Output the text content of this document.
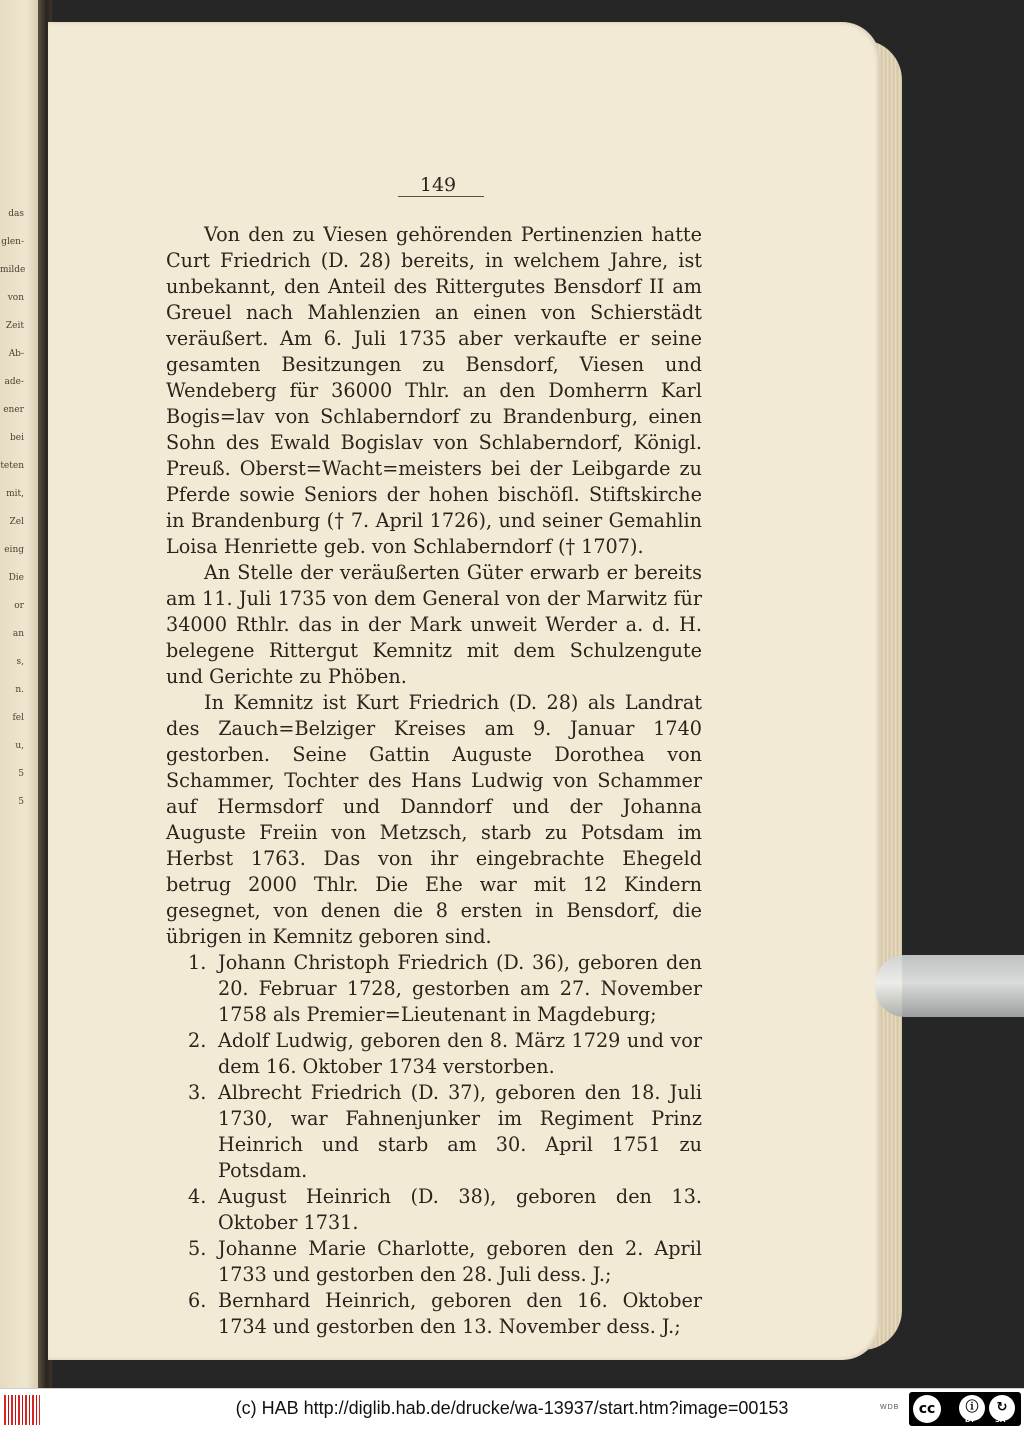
das
glen-
milde
von
Zeit
Ab-
ade-
ener
bei
teten
mit,
Zel
eing
Die
or
an
s,
n.
fel
u,
5
5
149

Von den zu Viesen gehörenden Pertinenzien hatte Curt Friedrich (D. 28) bereits, in welchem Jahre, ist unbekannt, den Anteil des Rittergutes Bensdorf II am Greuel nach Mahlenzien an einen von Schierstädt veräußert. Am 6. Juli 1735 aber verkaufte er seine gesamten Besitzungen zu Bensdorf, Viesen und Wendeberg für 36000 Thlr. an den Domherrn Karl Bogis=lav von Schlaberndorf zu Brandenburg, einen Sohn des Ewald Bogislav von Schlaberndorf, Königl. Preuß. Oberst=Wacht=meisters bei der Leibgarde zu Pferde sowie Seniors der hohen bischöfl. Stiftskirche in Brandenburg († 7. April 1726), und seiner Gemahlin Loisa Henriette geb. von Schlaberndorf († 1707).

An Stelle der veräußerten Güter erwarb er bereits am 11. Juli 1735 von dem General von der Marwitz für 34000 Rthlr. das in der Mark unweit Werder a. d. H. belegene Rittergut Kemnitz mit dem Schulzengute und Gerichte zu Phöben.

In Kemnitz ist Kurt Friedrich (D. 28) als Landrat des Zauch=Belziger Kreises am 9. Januar 1740 gestorben. Seine Gattin Auguste Dorothea von Schammer, Tochter des Hans Ludwig von Schammer auf Hermsdorf und Danndorf und der Johanna Auguste Freiin von Metzsch, starb zu Potsdam im Herbst 1763. Das von ihr eingebrachte Ehegeld betrug 2000 Thlr. Die Ehe war mit 12 Kindern gesegnet, von denen die 8 ersten in Bensdorf, die übrigen in Kemnitz geboren sind.

1. Johann Christoph Friedrich (D. 36), geboren den 20. Februar 1728, gestorben am 27. November 1758 als Premier=Lieutenant in Magdeburg;
2. Adolf Ludwig, geboren den 8. März 1729 und vor dem 16. Oktober 1734 verstorben.
3. Albrecht Friedrich (D. 37), geboren den 18. Juli 1730, war Fahnenjunker im Regiment Prinz Heinrich und starb am 30. April 1751 zu Potsdam.
4. August Heinrich (D. 38), geboren den 13. Oktober 1731.
5. Johanne Marie Charlotte, geboren den 2. April 1733 und gestorben den 28. Juli dess. J.;
6. Bernhard Heinrich, geboren den 16. Oktober 1734 und gestorben den 13. November dess. J.;
(c) HAB http://diglib.hab.de/drucke/wa-13937/start.htm?image=00153	WDB	cc	ⓘ	↻
BY	SA
